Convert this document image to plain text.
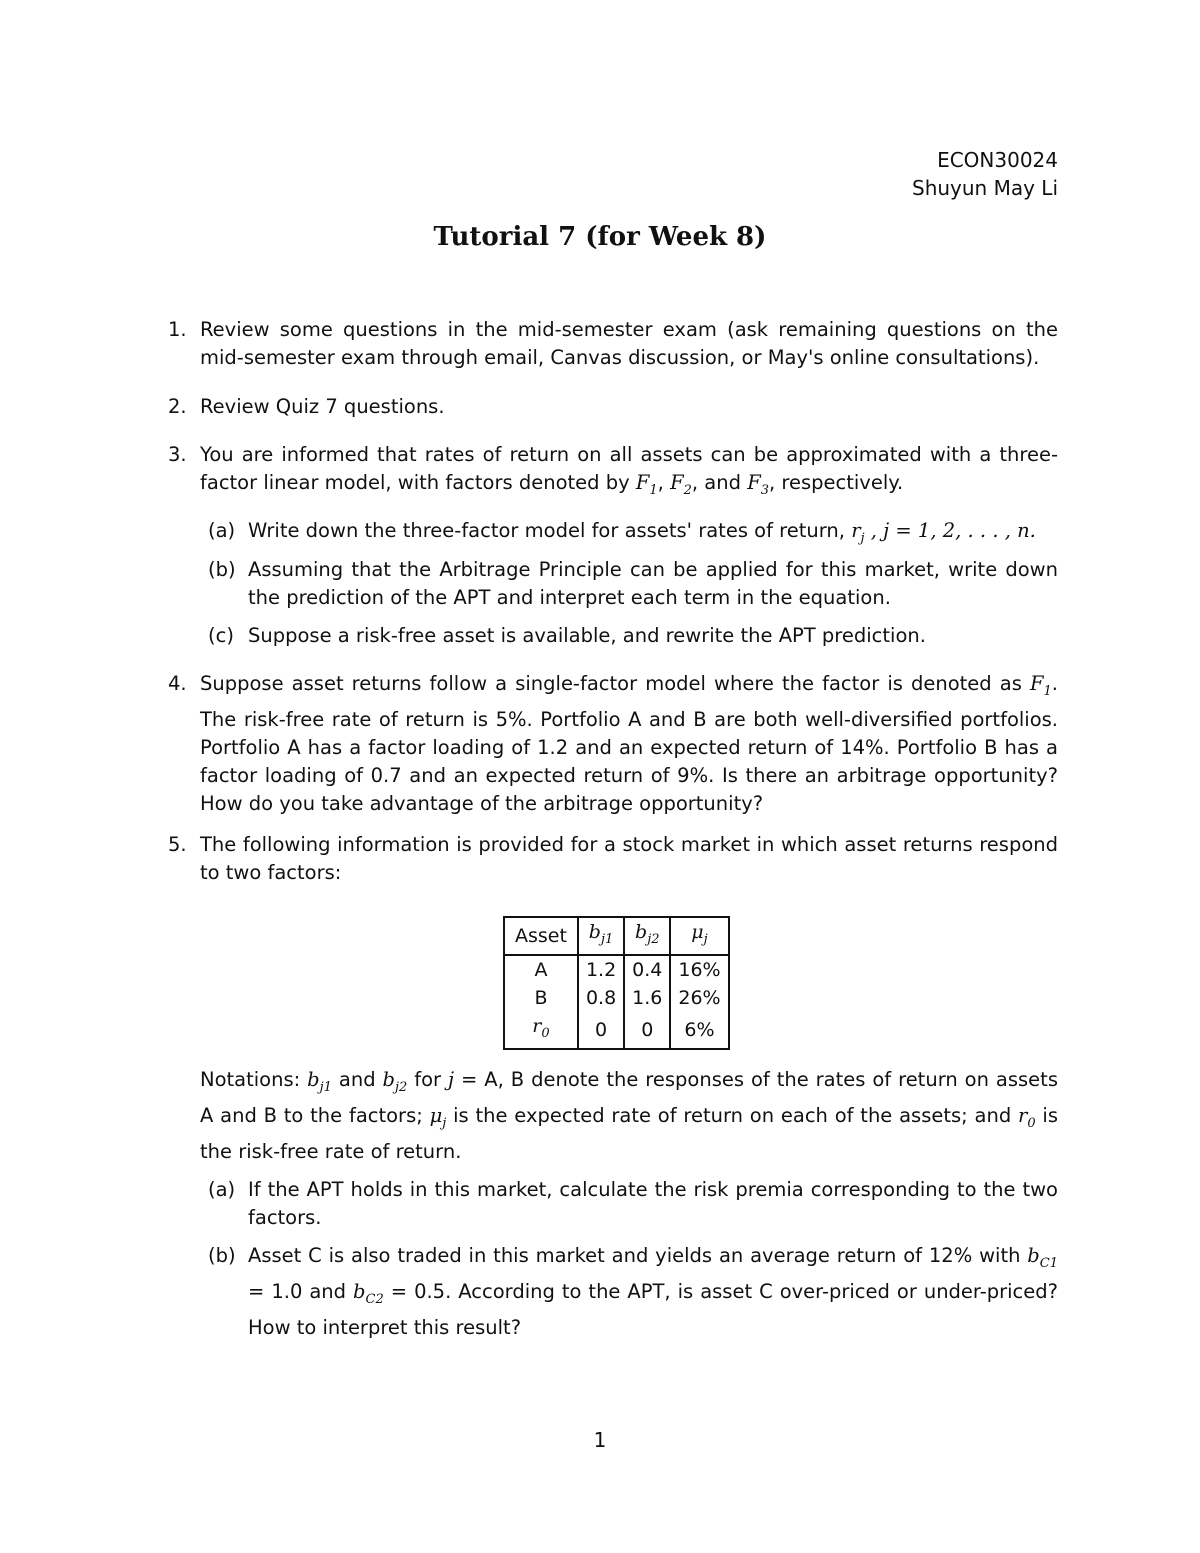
ECON30024
Shuyun May Li
Tutorial 7 (for Week 8)
1. Review some questions in the mid-semester exam (ask remaining questions on the mid-semester exam through email, Canvas discussion, or May's online consultations).
2. Review Quiz 7 questions.
3. You are informed that rates of return on all assets can be approximated with a three-factor linear model, with factors denoted by $F_1$, $F_2$, and $F_3$, respectively.
(a) Write down the three-factor model for assets' rates of return, $r_j$ , j = 1, 2, . . . , n.
(b) Assuming that the Arbitrage Principle can be applied for this market, write down the prediction of the APT and interpret each term in the equation.
(c) Suppose a risk-free asset is available, and rewrite the APT prediction.
4. Suppose asset returns follow a single-factor model where the factor is denoted as $F_1$. The risk-free rate of return is 5%. Portfolio A and B are both well-diversified portfolios. Portfolio A has a factor loading of 1.2 and an expected return of 14%. Portfolio B has a factor loading of 0.7 and an expected return of 9%. Is there an arbitrage opportunity? How do you take advantage of the arbitrage opportunity?
5. The following information is provided for a stock market in which asset returns respond to two factors:
Asset	$b_{j1}$	$b_{j2}$	$\mu_j$
A	1.2	0.4	16%
B	0.8	1.6	26%
$r_0$	0	0	6%
Notations: $b_{j1}$ and $b_{j2}$ for j = A, B denote the responses of the rates of return on assets A and B to the factors; $\mu_j$ is the expected rate of return on each of the assets; and $r_0$ is the risk-free rate of return.
(a) If the APT holds in this market, calculate the risk premia corresponding to the two factors.
(b) Asset C is also traded in this market and yields an average return of 12% with $b_{C1} = 1.0$ and $b_{C2} = 0.5$. According to the APT, is asset C over-priced or under-priced? How to interpret this result?
1
